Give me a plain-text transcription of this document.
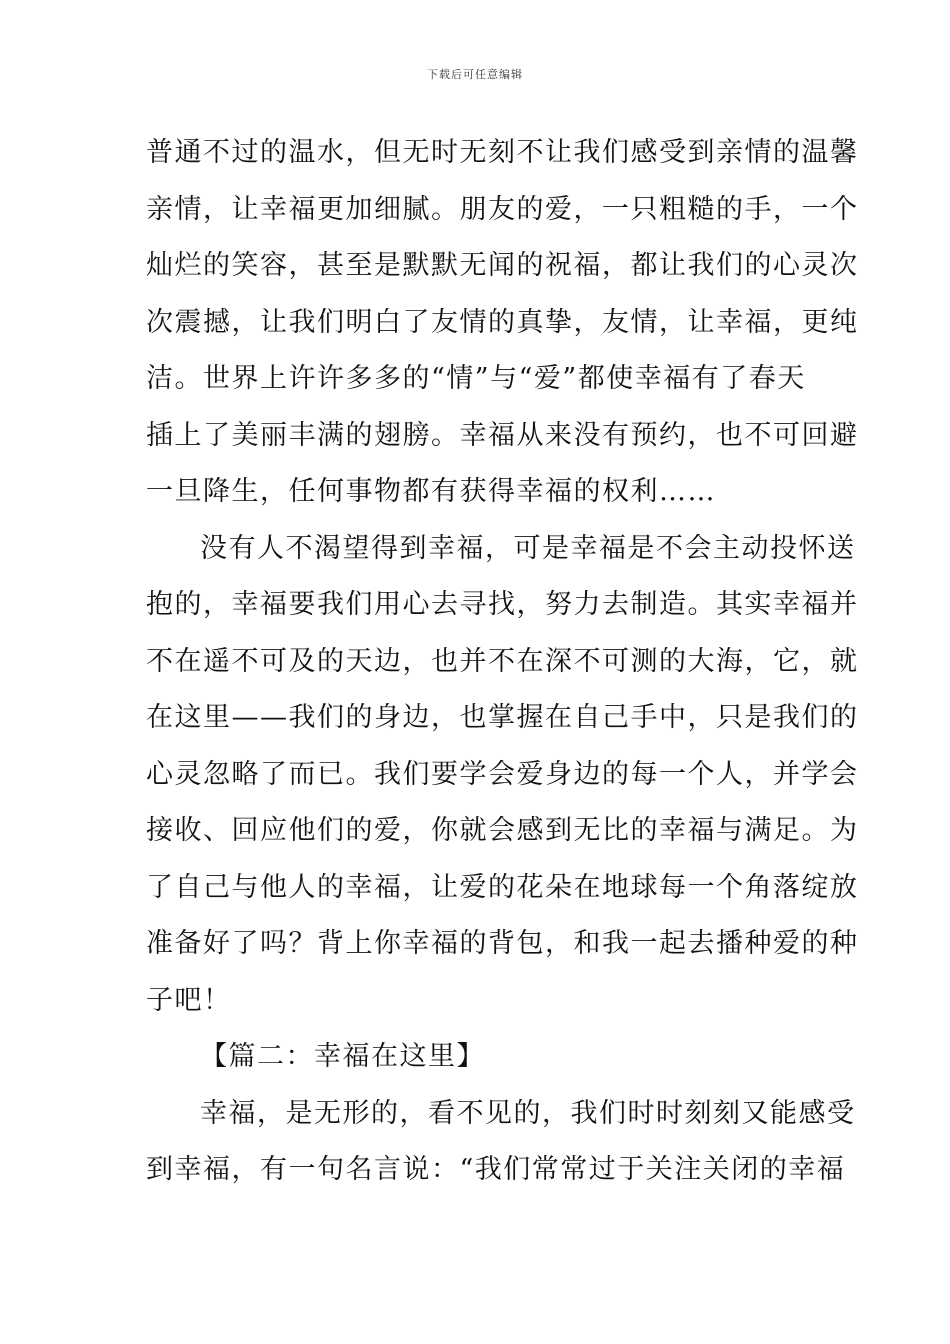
下载后可任意编辑
普通不过的温水，但无时无刻不让我们感受到亲情的温馨
亲情，让幸福更加细腻。朋友的爱，一只粗糙的手，一个
灿烂的笑容，甚至是默默无闻的祝福，都让我们的心灵次
次震撼，让我们明白了友情的真挚，友情，让幸福，更纯
洁。世界上许许多多的“情”与“爱”都使幸福有了春天
插上了美丽丰满的翅膀。幸福从来没有预约，也不可回避
一旦降生，任何事物都有获得幸福的权利……
没有人不渴望得到幸福，可是幸福是不会主动投怀送
抱的，幸福要我们用心去寻找，努力去制造。其实幸福并
不在遥不可及的天边，也并不在深不可测的大海，它，就
在这里——我们的身边，也掌握在自己手中，只是我们的
心灵忽略了而已。我们要学会爱身边的每一个人，并学会
接收、回应他们的爱，你就会感到无比的幸福与满足。为
了自己与他人的幸福，让爱的花朵在地球每一个角落绽放
准备好了吗？背上你幸福的背包，和我一起去播种爱的种
子吧！
【篇二：幸福在这里】
幸福，是无形的，看不见的，我们时时刻刻又能感受
到幸福，有一句名言说：“我们常常过于关注关闭的幸福
